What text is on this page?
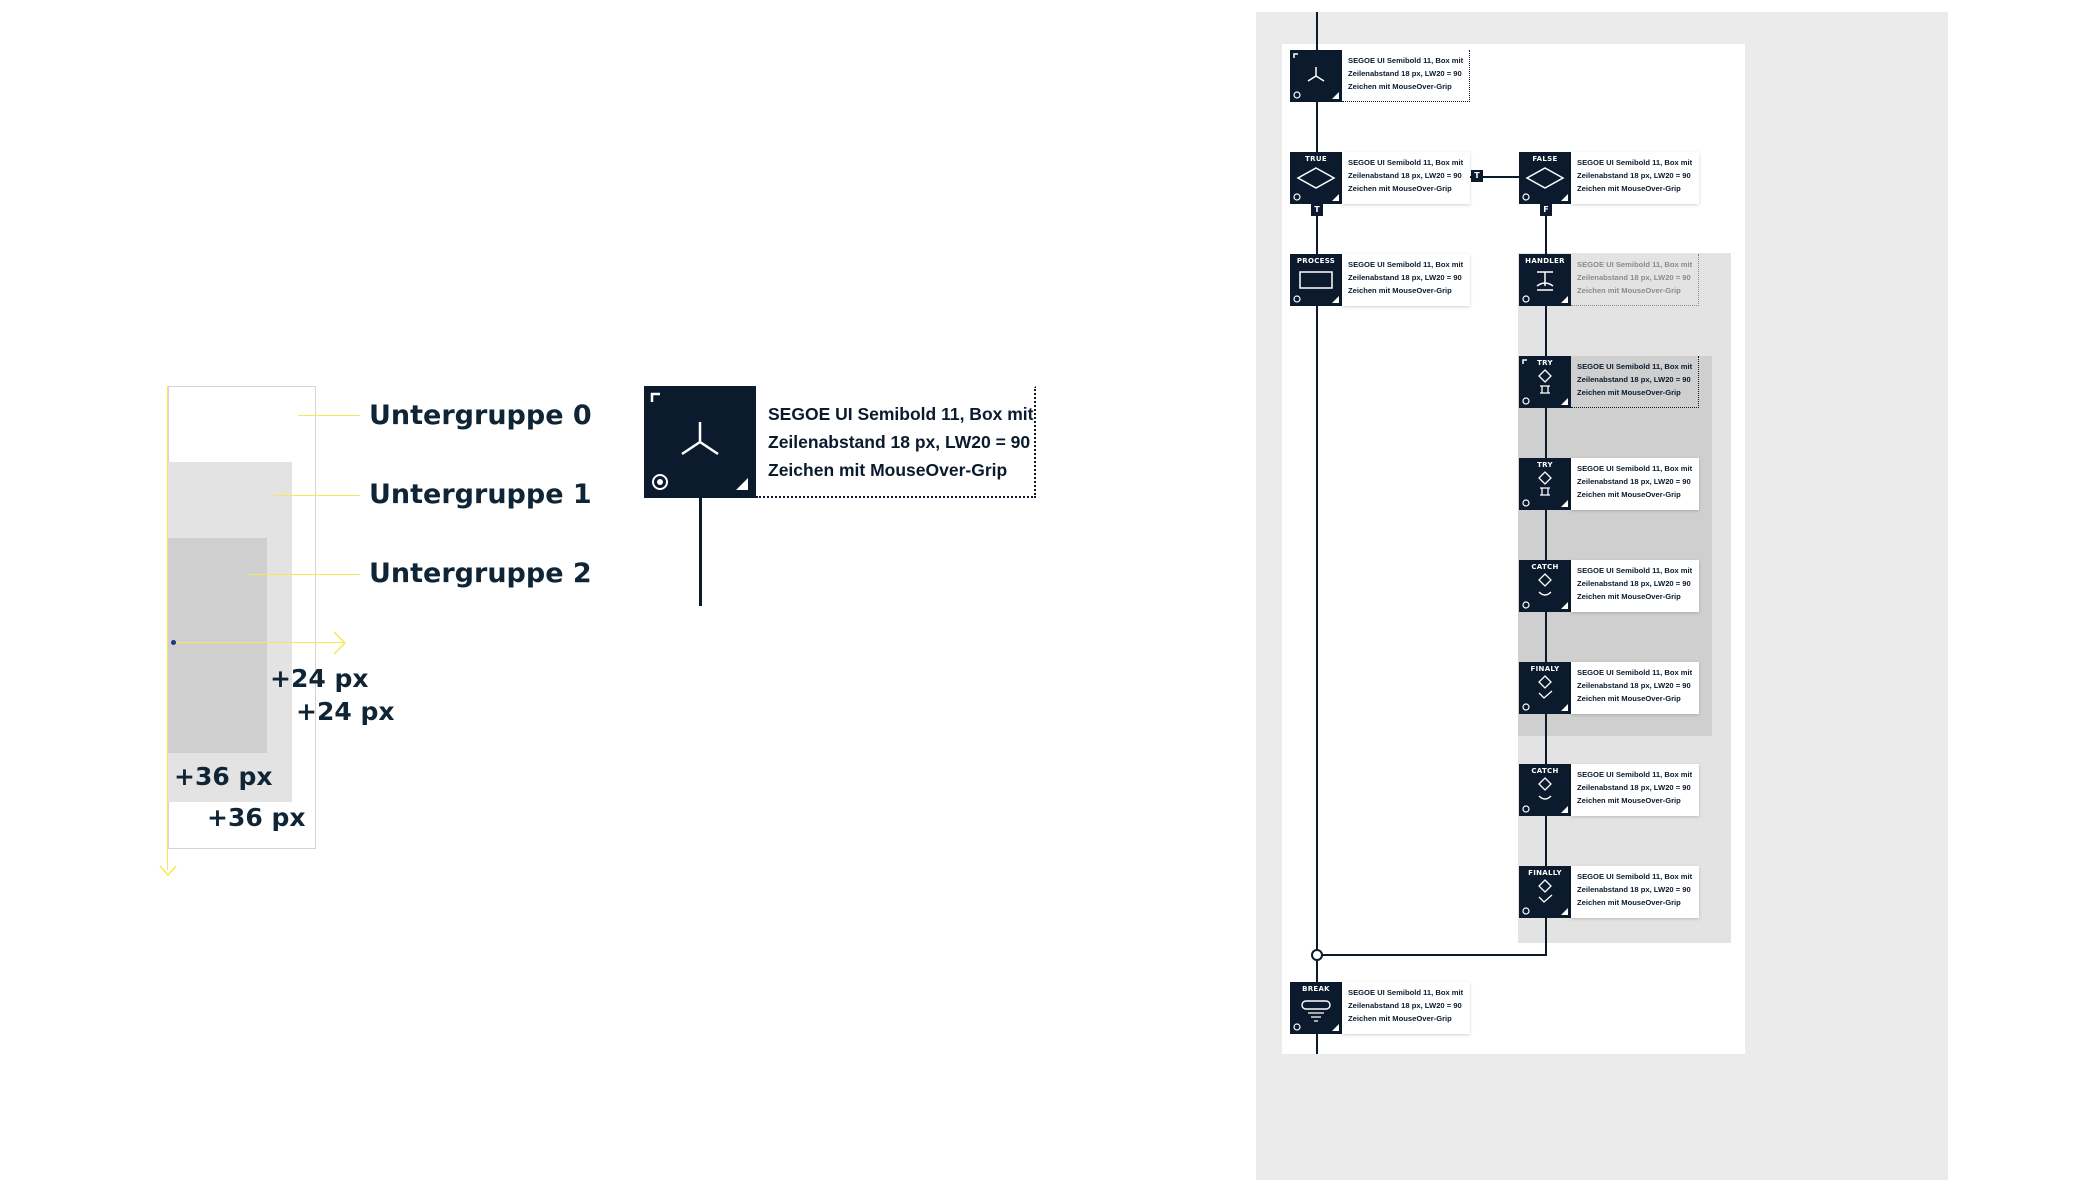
Untergruppe 0
Untergruppe 1
Untergruppe 2
+24 px
+24 px
+36 px
+36 px
SEGOE UI Semibold 11, Box mit
Zeilenabstand 18 px, LW20 = 90
Zeichen mit MouseOver-Grip
T
T
F
SEGOE UI Semibold 11, Box mit
Zeilenabstand 18 px, LW20 = 90
Zeichen mit MouseOver-Grip
TRUE	SEGOE UI Semibold 11, Box mit
Zeilenabstand 18 px, LW20 = 90
Zeichen mit MouseOver-Grip
FALSE	SEGOE UI Semibold 11, Box mit
Zeilenabstand 18 px, LW20 = 90
Zeichen mit MouseOver-Grip
PROCESS	SEGOE UI Semibold 11, Box mit
Zeilenabstand 18 px, LW20 = 90
Zeichen mit MouseOver-Grip
HANDLER	SEGOE UI Semibold 11, Box mit
Zeilenabstand 18 px, LW20 = 90
Zeichen mit MouseOver-Grip
TRY	SEGOE UI Semibold 11, Box mit
Zeilenabstand 18 px, LW20 = 90
Zeichen mit MouseOver-Grip
TRY	SEGOE UI Semibold 11, Box mit
Zeilenabstand 18 px, LW20 = 90
Zeichen mit MouseOver-Grip
CATCH	SEGOE UI Semibold 11, Box mit
Zeilenabstand 18 px, LW20 = 90
Zeichen mit MouseOver-Grip
FINALY	SEGOE UI Semibold 11, Box mit
Zeilenabstand 18 px, LW20 = 90
Zeichen mit MouseOver-Grip
CATCH	SEGOE UI Semibold 11, Box mit
Zeilenabstand 18 px, LW20 = 90
Zeichen mit MouseOver-Grip
FINALLY	SEGOE UI Semibold 11, Box mit
Zeilenabstand 18 px, LW20 = 90
Zeichen mit MouseOver-Grip
BREAK	SEGOE UI Semibold 11, Box mit
Zeilenabstand 18 px, LW20 = 90
Zeichen mit MouseOver-Grip
